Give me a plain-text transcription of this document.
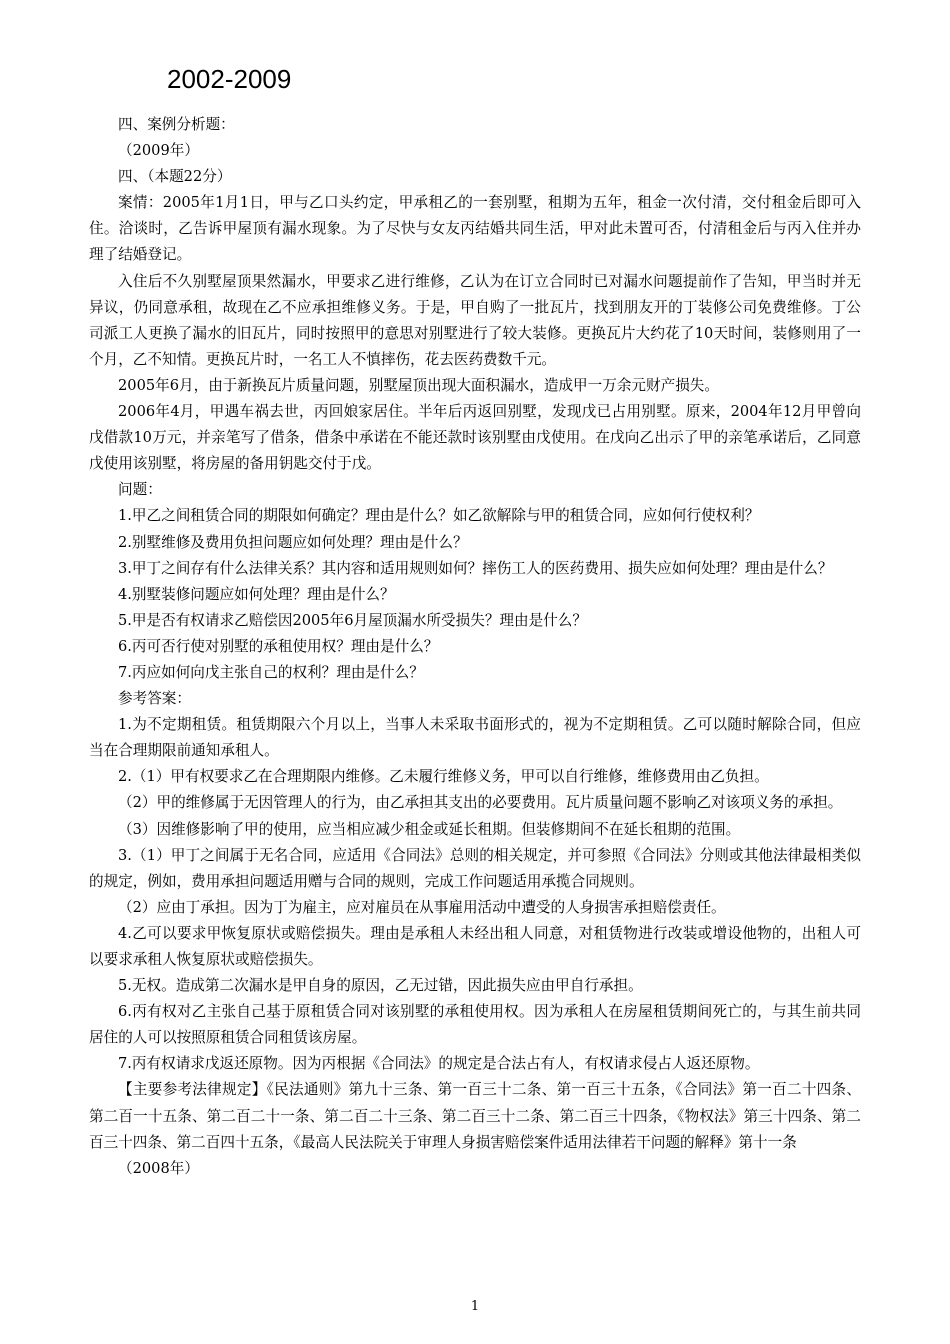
2002-2009

四、案例分析题：

（2009年）

四、（本题22分）

案情：2005年1月1日，甲与乙口头约定，甲承租乙的一套别墅，租期为五年，租金一次付清，交付租金后即可入住。洽谈时，乙告诉甲屋顶有漏水现象。为了尽快与女友丙结婚共同生活，甲对此未置可否，付清租金后与丙入住并办理了结婚登记。

入住后不久别墅屋顶果然漏水，甲要求乙进行维修，乙认为在订立合同时已对漏水问题提前作了告知，甲当时并无异议，仍同意承租，故现在乙不应承担维修义务。于是，甲自购了一批瓦片，找到朋友开的丁装修公司免费维修。丁公司派工人更换了漏水的旧瓦片，同时按照甲的意思对别墅进行了较大装修。更换瓦片大约花了10天时间，装修则用了一个月，乙不知情。更换瓦片时，一名工人不慎摔伤，花去医药费数千元。

2005年6月，由于新换瓦片质量问题，别墅屋顶出现大面积漏水，造成甲一万余元财产损失。

2006年4月，甲遇车祸去世，丙回娘家居住。半年后丙返回别墅，发现戊已占用别墅。原来，2004年12月甲曾向戊借款10万元，并亲笔写了借条，借条中承诺在不能还款时该别墅由戊使用。在戊向乙出示了甲的亲笔承诺后，乙同意戊使用该别墅，将房屋的备用钥匙交付于戊。

问题：

1.甲乙之间租赁合同的期限如何确定？理由是什么？如乙欲解除与甲的租赁合同，应如何行使权利？

2.别墅维修及费用负担问题应如何处理？理由是什么？

3.甲丁之间存有什么法律关系？其内容和适用规则如何？摔伤工人的医药费用、损失应如何处理？理由是什么？

4.别墅装修问题应如何处理？理由是什么？

5.甲是否有权请求乙赔偿因2005年6月屋顶漏水所受损失？理由是什么？

6.丙可否行使对别墅的承租使用权？理由是什么？

7.丙应如何向戊主张自己的权利？理由是什么？

参考答案：

1.为不定期租赁。租赁期限六个月以上，当事人未采取书面形式的，视为不定期租赁。乙可以随时解除合同，但应当在合理期限前通知承租人。

2.（1）甲有权要求乙在合理期限内维修。乙未履行维修义务，甲可以自行维修，维修费用由乙负担。

（2）甲的维修属于无因管理人的行为，由乙承担其支出的必要费用。瓦片质量问题不影响乙对该项义务的承担。

（3）因维修影响了甲的使用，应当相应减少租金或延长租期。但装修期间不在延长租期的范围。

3.（1）甲丁之间属于无名合同，应适用《合同法》总则的相关规定，并可参照《合同法》分则或其他法律最相类似的规定，例如，费用承担问题适用赠与合同的规则，完成工作问题适用承揽合同规则。

（2）应由丁承担。因为丁为雇主，应对雇员在从事雇用活动中遭受的人身损害承担赔偿责任。

4.乙可以要求甲恢复原状或赔偿损失。理由是承租人未经出租人同意，对租赁物进行改装或增设他物的，出租人可以要求承租人恢复原状或赔偿损失。

5.无权。造成第二次漏水是甲自身的原因，乙无过错，因此损失应由甲自行承担。

6.丙有权对乙主张自己基于原租赁合同对该别墅的承租使用权。因为承租人在房屋租赁期间死亡的，与其生前共同居住的人可以按照原租赁合同租赁该房屋。

7.丙有权请求戊返还原物。因为丙根据《合同法》的规定是合法占有人，有权请求侵占人返还原物。

【主要参考法律规定】《民法通则》第九十三条、第一百三十二条、第一百三十五条，《合同法》第一百二十四条、第二百一十五条、第二百二十一条、第二百二十三条、第二百三十二条、第二百三十四条，《物权法》第三十四条、第二百三十四条、第二百四十五条，《最高人民法院关于审理人身损害赔偿案件适用法律若干问题的解释》第十一条

（2008年）

1
